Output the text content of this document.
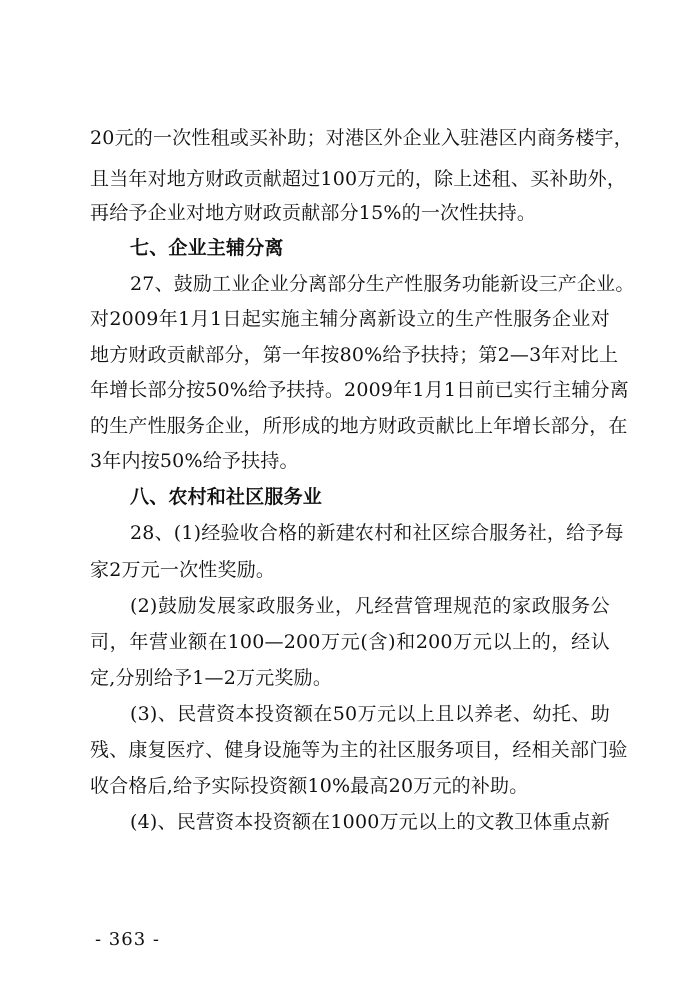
20元的一次性租或买补助；对港区外企业入驻港区内商务楼宇，
且当年对地方财政贡献超过100万元的，除上述租、买补助外，
再给予企业对地方财政贡献部分15%的一次性扶持。
七、企业主辅分离
27、鼓励工业企业分离部分生产性服务功能新设三产企业。
对2009年1月1日起实施主辅分离新设立的生产性服务企业对
地方财政贡献部分，第一年按80%给予扶持；第2—3年对比上
年增长部分按50%给予扶持。2009年1月1日前已实行主辅分离
的生产性服务企业，所形成的地方财政贡献比上年增长部分，在
3年内按50%给予扶持。
八、农村和社区服务业
28、(1)经验收合格的新建农村和社区综合服务社，给予每
家2万元一次性奖励。
(2)鼓励发展家政服务业，凡经营管理规范的家政服务公
司，年营业额在100—200万元(含)和200万元以上的，经认
定,分别给予1—2万元奖励。
(3)、民营资本投资额在50万元以上且以养老、幼托、助
残、康复医疗、健身设施等为主的社区服务项目，经相关部门验
收合格后,给予实际投资额10%最高20万元的补助。
(4)、民营资本投资额在1000万元以上的文教卫体重点新
- 363 -
